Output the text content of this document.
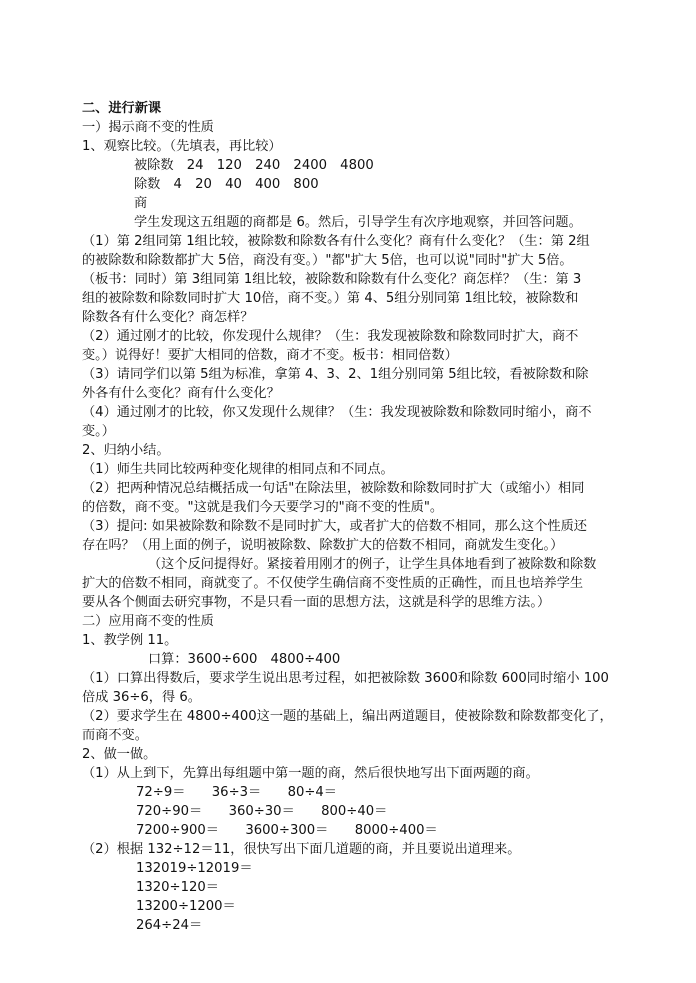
二、进行新课
一）揭示商不变的性质
1、观察比较。（先填表，再比较）
被除数　24　120　240　2400　4800
除数　4　20　40　400　800
商
学生发现这五组题的商都是 6。然后，引导学生有次序地观察，并回答问题。
（1）第 2组同第 1组比较，被除数和除数各有什么变化？商有什么变化？（生：第 2组
的被除数和除数都扩大 5倍，商没有变。）"都"扩大 5倍，也可以说"同时"扩大 5倍。
（板书：同时）第 3组同第 1组比较，被除数和除数有什么变化？商怎样？（生：第 3
组的被除数和除数同时扩大 10倍，商不变。）第 4、5组分别同第 1组比较，被除数和
除数各有什么变化？商怎样？
（2）通过刚才的比较，你发现什么规律？（生：我发现被除数和除数同时扩大，商不
变。）说得好！要扩大相同的倍数，商才不变。板书：相同倍数）
（3）请同学们以第 5组为标准，拿第 4、3、2、1组分别同第 5组比较，看被除数和除
外各有什么变化？商有什么变化？
（4）通过刚才的比较，你又发现什么规律？（生：我发现被除数和除数同时缩小，商不
变。）
2、归纳小结。
（1）师生共同比较两种变化规律的相同点和不同点。
（2）把两种情况总结概括成一句话"在除法里，被除数和除数同时扩大（或缩小）相同
的倍数，商不变。"这就是我们今天要学习的"商不变的性质"。
（3）提问: 如果被除数和除数不是同时扩大，或者扩大的倍数不相同，那么这个性质还
存在吗？（用上面的例子，说明被除数、除数扩大的倍数不相同，商就发生变化。）
（这个反问提得好。紧接着用刚才的例子，让学生具体地看到了被除数和除数
扩大的倍数不相同，商就变了。不仅使学生确信商不变性质的正确性，而且也培养学生
要从各个侧面去研究事物，不是只看一面的思想方法，这就是科学的思维方法。）
二）应用商不变的性质
1、教学例 11。
口算：3600÷600　4800÷400
（1）口算出得数后，要求学生说出思考过程，如把被除数 3600和除数 600同时缩小 100
倍成 36÷6，得 6。
（2）要求学生在 4800÷400这一题的基础上，编出两道题目，使被除数和除数都变化了，
而商不变。
2、做一做。
（1）从上到下，先算出每组题中第一题的商，然后很快地写出下面两题的商。
72÷9＝　　36÷3＝　　80÷4＝
720÷90＝　　360÷30＝　　800÷40＝
7200÷900＝　　3600÷300＝　　8000÷400＝
（2）根据 132÷12＝11，很快写出下面几道题的商，并且要说出道理来。
132019÷12019＝
1320÷120＝
13200÷1200＝
264÷24＝
